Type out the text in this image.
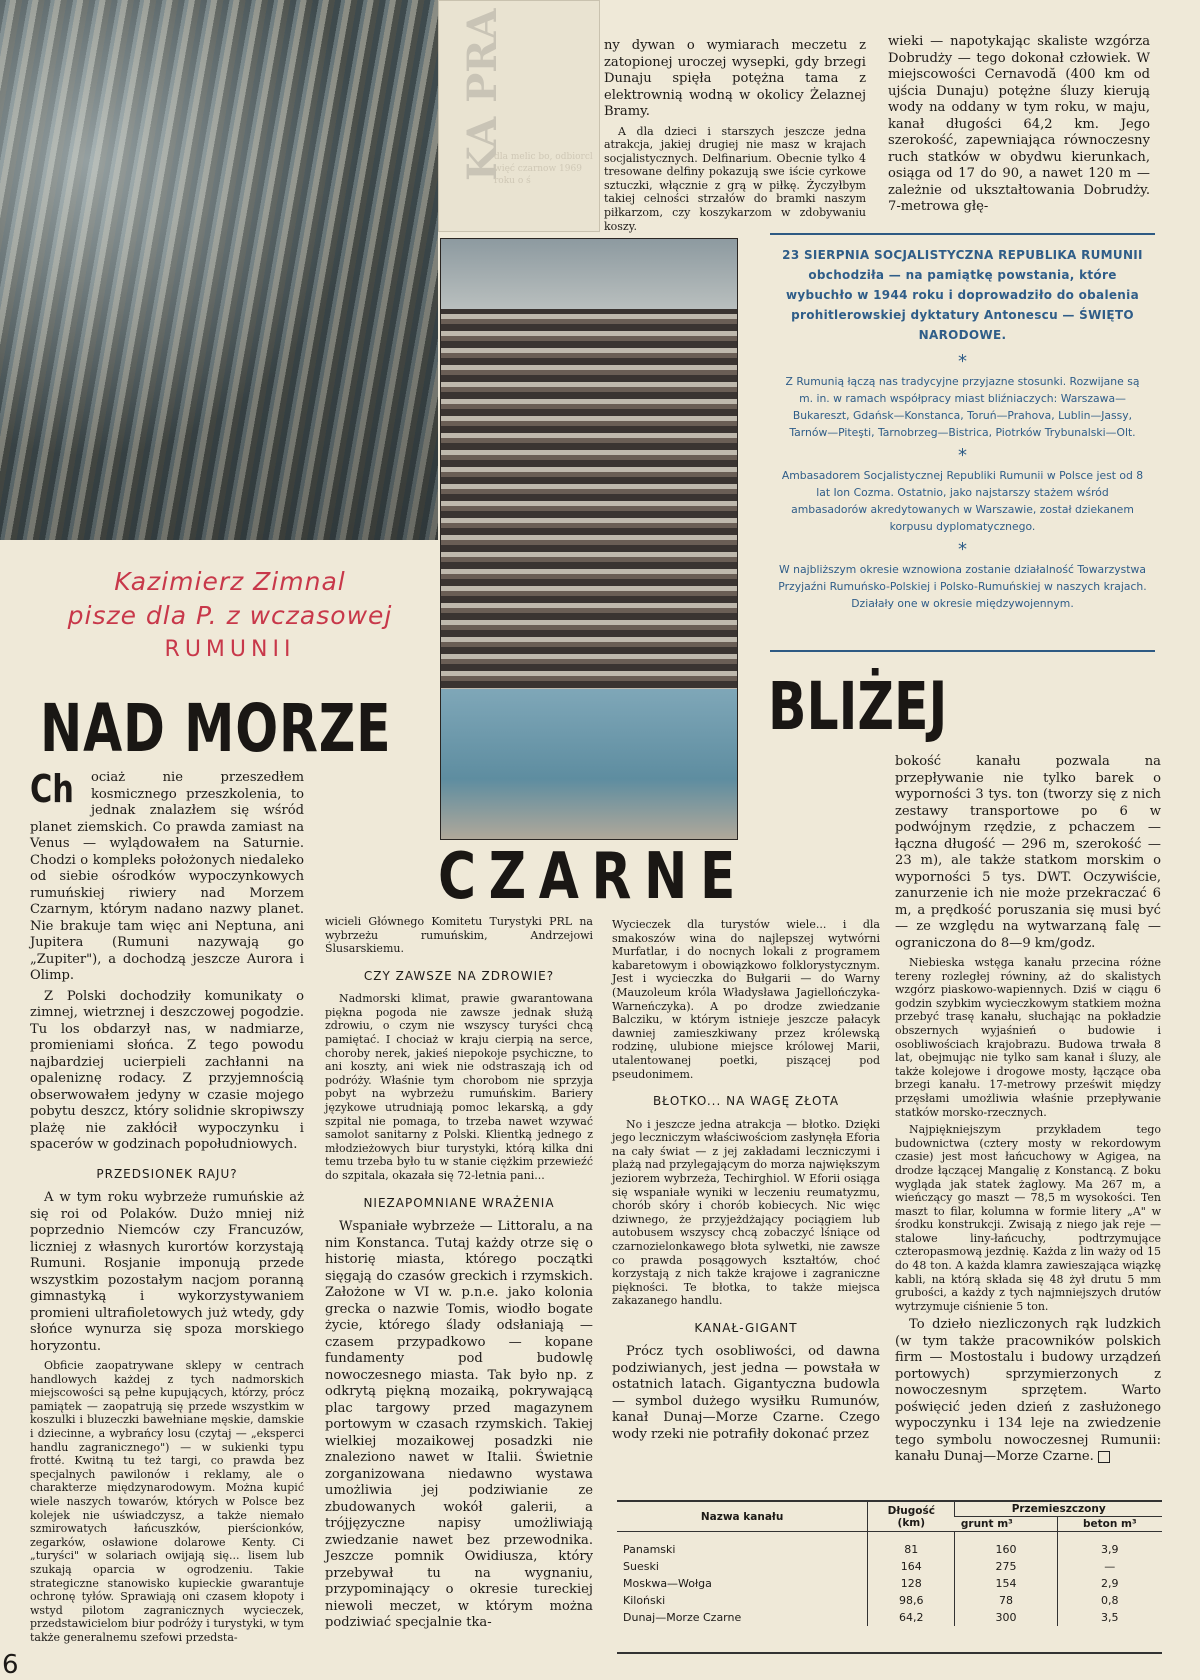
KA PRA
dla melic bo, odbiorcl więć czarnow 1969 roku o ś

ny dywan o wymiarach meczetu z zatopionej uroczej wysepki, gdy brzegi Dunaju spięła potężna tama z elektrownią wodną w okolicy Żelaznej Bramy.

A dla dzieci i starszych jeszcze jedna atrakcja, jakiej drugiej nie masz w krajach socjalistycznych. Delfinarium. Obecnie tylko 4 tresowane delfiny pokazują swe iście cyrkowe sztuczki, włącznie z grą w piłkę. Życzyłbym takiej celności strzałów do bramki naszym piłkarzom, czy koszykarzom w zdobywaniu koszy.

wieki — napotykając skaliste wzgórza Dobrudży — tego dokonał człowiek. W miejscowości Cernavodă (400 km od ujścia Dunaju) potężne śluzy kierują wody na oddany w tym roku, w maju, kanał długości 64,2 km. Jego szerokość, zapewniająca równoczesny ruch statków w obydwu kierunkach, osiąga od 17 do 90, a nawet 120 m — zależnie od ukształtowania Dobrudży. 7-metrowa głę-

23 SIERPNIA SOCJALISTYCZNA REPUBLIKA RUMUNII obchodziła — na pamiątkę powstania, które wybuchło w 1944 roku i doprowadziło do obalenia prohitlerowskiej dyktatury Antonescu — ŚWIĘTO NARODOWE.
*
Z Rumunią łączą nas tradycyjne przyjazne stosunki. Rozwijane są m. in. w ramach współpracy miast bliźniaczych: Warszawa—Bukareszt, Gdańsk—Konstanca, Toruń—Prahova, Lublin—Jassy, Tarnów—Piteşti, Tarnobrzeg—Bistrica, Piotrków Trybunalski—Olt.
*
Ambasadorem Socjalistycznej Republiki Rumunii w Polsce jest od 8 lat Ion Cozma. Ostatnio, jako najstarszy stażem wśród ambasadorów akredytowanych w Warszawie, został dziekanem korpusu dyplomatycznego.
*
W najbliższym okresie wznowiona zostanie działalność Towarzystwa Przyjaźni Rumuńsko-Polskiej i Polsko-Rumuńskiej w naszych krajach. Działały one w okresie międzywojennym.
Kazimierz Zimnal
pisze dla P. z wczasowej
RUMUNII
NAD MORZE	BLIŻEJ
CZARNE

Ch ociaż nie przeszedłem kosmicznego przeszkolenia, to jednak znalazłem się wśród planet ziemskich. Co prawda zamiast na Venus — wylądowałem na Saturnie. Chodzi o kompleks położonych niedaleko od siebie ośrodków wypoczynkowych rumuńskiej riwiery nad Morzem Czarnym, którym nadano nazwy planet. Nie brakuje tam więc ani Neptuna, ani Jupitera (Rumuni nazywają go „Zupiter"), a dochodzą jeszcze Aurora i Olimp.

Z Polski dochodziły komunikaty o zimnej, wietrznej i deszczowej pogodzie. Tu los obdarzył nas, w nadmiarze, promieniami słońca. Z tego powodu najbardziej ucierpieli zachłanni na opaleniznę rodacy. Z przyjemnością obserwowałem jedyny w czasie mojego pobytu deszcz, który solidnie skropiwszy plażę nie zakłócił wypoczynku i spacerów w godzinach popołudniowych.

PRZEDSIONEK RAJU?

A w tym roku wybrzeże rumuńskie aż się roi od Polaków. Dużo mniej niż poprzednio Niemców czy Francuzów, liczniej z własnych kurortów korzystają Rumuni. Rosjanie imponują przede wszystkim pozostałym nacjom poranną gimnastyką i wykorzystywaniem promieni ultrafioletowych już wtedy, gdy słońce wynurza się spoza morskiego horyzontu.

Obficie zaopatrywane sklepy w centrach handlowych każdej z tych nadmorskich miejscowości są pełne kupujących, którzy, prócz pamiątek — zaopatrują się przede wszystkim w koszulki i bluzeczki bawełniane męskie, damskie i dziecinne, a wybrańcy losu (czytaj — „eksperci handlu zagranicznego") — w sukienki typu frotté. Kwitną tu też targi, co prawda bez specjalnych pawilonów i reklamy, ale o charakterze międzynarodowym. Można kupić wiele naszych towarów, których w Polsce bez kolejek nie uświadczysz, a także niemało szmirowatych łańcuszków, pierścionków, zegarków, osławione dolarowe Kenty. Ci „turyści" w solariach owijają się... lisem lub szukają oparcia w ogrodzeniu. Takie strategiczne stanowisko kupieckie gwarantuje ochronę tyłów. Sprawiają oni czasem kłopoty i wstyd pilotom zagranicznych wycieczek, przedstawicielom biur podróży i turystyki, w tym także generalnemu szefowi przedsta-

wicieli Głównego Komitetu Turystyki PRL na wybrzeżu rumuńskim, Andrzejowi Ślusarskiemu.

CZY ZAWSZE NA ZDROWIE?

Nadmorski klimat, prawie gwarantowana piękna pogoda nie zawsze jednak służą zdrowiu, o czym nie wszyscy turyści chcą pamiętać. I chociaż w kraju cierpią na serce, choroby nerek, jakieś niepokoje psychiczne, to ani koszty, ani wiek nie odstraszają ich od podróży. Właśnie tym chorobom nie sprzyja pobyt na wybrzeżu rumuńskim. Bariery językowe utrudniają pomoc lekarską, a gdy szpital nie pomaga, to trzeba nawet wzywać samolot sanitarny z Polski. Klientką jednego z młodzieżowych biur turystyki, którą kilka dni temu trzeba było tu w stanie ciężkim przewieźć do szpitala, okazała się 72-letnia pani...

NIEZAPOMNIANE WRAŻENIA

Wspaniałe wybrzeże — Littoralu, a na nim Konstanca. Tutaj każdy otrze się o historię miasta, którego początki sięgają do czasów greckich i rzymskich. Założone w VI w. p.n.e. jako kolonia grecka o nazwie Tomis, wiodło bogate życie, którego ślady odsłaniają — czasem przypadkowo — kopane fundamenty pod budowlę nowoczesnego miasta. Tak było np. z odkrytą piękną mozaiką, pokrywającą plac targowy przed magazynem portowym w czasach rzymskich. Takiej wielkiej mozaikowej posadzki nie znaleziono nawet w Italii. Świetnie zorganizowana niedawno wystawa umożliwia jej podziwianie ze zbudowanych wokół galerii, a trójjęzyczne napisy umożliwiają zwiedzanie nawet bez przewodnika. Jeszcze pomnik Owidiusza, który przebywał tu na wygnaniu, przypominający o okresie tureckiej niewoli meczet, w którym można podziwiać specjalnie tka-

Wycieczek dla turystów wiele... i dla smakoszów wina do najlepszej wytwórni Murfatlar, i do nocnych lokali z programem kabaretowym i obowiązkowo folklorystycznym. Jest i wycieczka do Bułgarii — do Warny (Mauzoleum króla Władysława Jagiellończyka-Warneńczyka). A po drodze zwiedzanie Balcziku, w którym istnieje jeszcze pałacyk dawniej zamieszkiwany przez królewską rodzinę, ulubione miejsce królowej Marii, utalentowanej poetki, piszącej pod pseudonimem.

BŁOTKO... NA WAGĘ ZŁOTA

No i jeszcze jedna atrakcja — błotko. Dzięki jego leczniczym właściwościom zasłynęła Eforia na cały świat — z jej zakładami leczniczymi i plażą nad przylegającym do morza największym jeziorem wybrzeża, Techirghiol. W Eforii osiąga się wspaniałe wyniki w leczeniu reumatyzmu, chorób skóry i chorób kobiecych. Nic więc dziwnego, że przyjeżdżający pociągiem lub autobusem wszyscy chcą zobaczyć lśniące od czarnozielonkawego błota sylwetki, nie zawsze co prawda posągowych kształtów, choć korzystają z nich także krajowe i zagraniczne piękności. Te błotka, to także miejsca zakazanego handlu.

KANAŁ-GIGANT

Prócz tych osobliwości, od dawna podziwianych, jest jedna — powstała w ostatnich latach. Gigantyczna budowla — symbol dużego wysiłku Rumunów, kanał Dunaj—Morze Czarne. Czego wody rzeki nie potrafiły dokonać przez

bokość kanału pozwala na przepływanie nie tylko barek o wyporności 3 tys. ton (tworzy się z nich zestawy transportowe po 6 w podwójnym rzędzie, z pchaczem — łączna długość — 296 m, szerokość — 23 m), ale także statkom morskim o wyporności 5 tys. DWT. Oczywiście, zanurzenie ich nie może przekraczać 6 m, a prędkość poruszania się musi być — ze względu na wytwarzaną falę — ograniczona do 8—9 km/godz.

Niebieska wstęga kanału przecina różne tereny rozległej równiny, aż do skalistych wzgórz piaskowo-wapiennych. Dziś w ciągu 6 godzin szybkim wycieczkowym statkiem można przebyć trasę kanału, słuchając na pokładzie obszernych wyjaśnień o budowie i osobliwościach krajobrazu. Budowa trwała 8 lat, obejmując nie tylko sam kanał i śluzy, ale także kolejowe i drogowe mosty, łączące oba brzegi kanału. 17-metrowy prześwit między przęsłami umożliwia właśnie przepływanie statków morsko-rzecznych.

Najpiękniejszym przykładem tego budownictwa (cztery mosty w rekordowym czasie) jest most łańcuchowy w Agigea, na drodze łączącej Mangalię z Konstancą. Z boku wygląda jak statek żaglowy. Ma 267 m, a wieńczący go maszt — 78,5 m wysokości. Ten maszt to filar, kolumna w formie litery „A" w środku konstrukcji. Zwisają z niego jak reje — stalowe liny-łańcuchy, podtrzymujące czteropasmową jezdnię. Każda z lin waży od 15 do 48 ton. A każda klamra zawieszająca wiązkę kabli, na którą składa się 48 żył drutu 5 mm grubości, a każdy z tych najmniejszych drutów wytrzymuje ciśnienie 5 ton.

To dzieło niezliczonych rąk ludzkich (w tym także pracowników polskich firm — Mostostalu i budowy urządzeń portowych) sprzymierzonych z nowoczesnym sprzętem. Warto poświęcić jeden dzień z zasłużonego wypoczynku i 134 leje na zwiedzenie tego symbolu nowoczesnej Rumunii: kanału Dunaj—Morze Czarne.

Nazwa kanału	Długość (km)	Przemieszczony	
		grunt m³	beton m³
Panamski	81	160	3,9
Sueski	164	275	—
Moskwa—Wołga	128	154	2,9
Kiloński	98,6	78	0,8
Dunaj—Morze Czarne	64,2	300	3,5
6
